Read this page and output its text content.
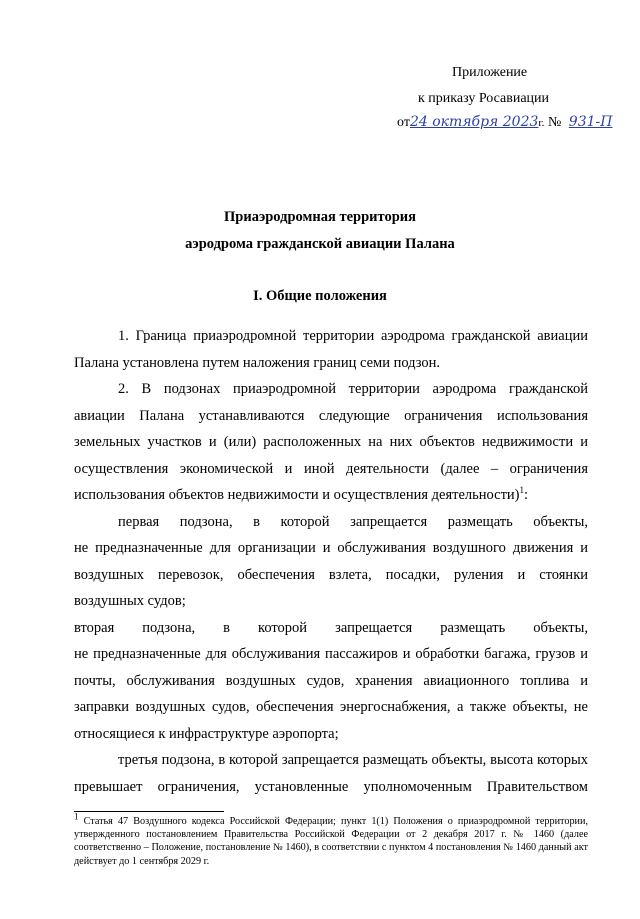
Приложение
к приказу Росавиации
от24 октября 2023г. № 931-П
Приаэродромная территория
аэродрома гражданской авиации Палана
I. Общие положения

1. Граница приаэродромной территории аэродрома гражданской авиации Палана установлена путем наложения границ семи подзон.

2. В подзонах приаэродромной территории аэродрома гражданской авиации Палана устанавливаются следующие ограничения использования земельных участков и (или) расположенных на них объектов недвижимости и осуществления экономической и иной деятельности (далее – ограничения использования объектов недвижимости и осуществления деятельности)$^1$:

первая подзона, в которой запрещается размещать объекты,

не предназначенные для организации и обслуживания воздушного движения и воздушных перевозок, обеспечения взлета, посадки, руления и стоянки воздушных судов;

вторая подзона, в которой запрещается размещать объекты,

не предназначенные для обслуживания пассажиров и обработки багажа, грузов и почты, обслуживания воздушных судов, хранения авиационного топлива и заправки воздушных судов, обеспечения энергоснабжения, а также объекты, не относящиеся к инфраструктуре аэропорта;

третья подзона, в которой запрещается размещать объекты, высота которых превышает ограничения, установленные уполномоченным Правительством

$^1$ Статья 47 Воздушного кодекса Российской Федерации; пункт 1(1) Положения о приаэродромной территории, утвержденного постановлением Правительства Российской Федерации от 2 декабря 2017 г. № 1460 (далее соответственно – Положение, постановление № 1460), в соответствии с пунктом 4 постановления № 1460 данный акт действует до 1 сентября 2029 г.
